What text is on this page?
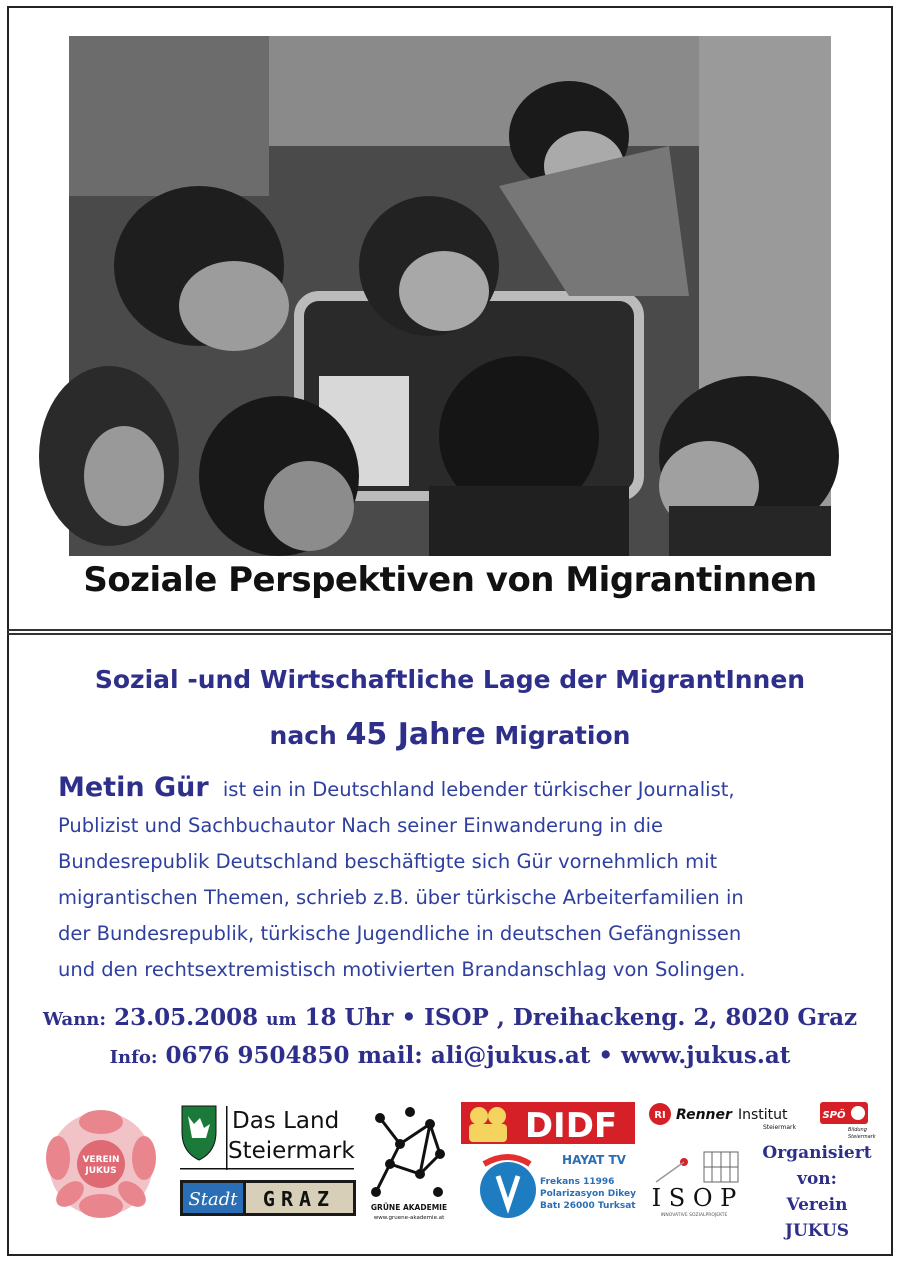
Soziale Perspektiven von Migrantinnen
Sozial -und Wirtschaftliche Lage der MigrantInnen
nach 45 Jahre Migration
Metin Gür ist ein in Deutschland lebender türkischer Journalist,
Publizist und Sachbuchautor Nach seiner Einwanderung in die
Bundesrepublik Deutschland beschäftigte sich Gür vornehmlich mit
migrantischen Themen, schrieb z.B. über türkische Arbeiterfamilien in
der Bundesrepublik, türkische Jugendliche in deutschen Gefängnissen
und den rechtsextremistisch motivierten Brandanschlag von Solingen.
Wann: 23.05.2008 um 18 Uhr • ISOP , Dreihackeng. 2, 8020 Graz
Info: 0676 9504850 mail: ali@jukus.at • www.jukus.at
VEREIN
JUKUS
Das Land
Steiermark
Stadt GRAZ	GRÜNE AKADEMIE
www.gruene-akademie.at
DIDF
HAYAT TV
Frekans 11996
Polarizasyon Dikey
Batı 26000 Turksat
RI Renner Institut
Steiermark
SPÖ
Bildung
Steiermark
I S O P
INNOVATIVE SOZIALPROJEKTE
Organisiert
von:
Verein JUKUS
